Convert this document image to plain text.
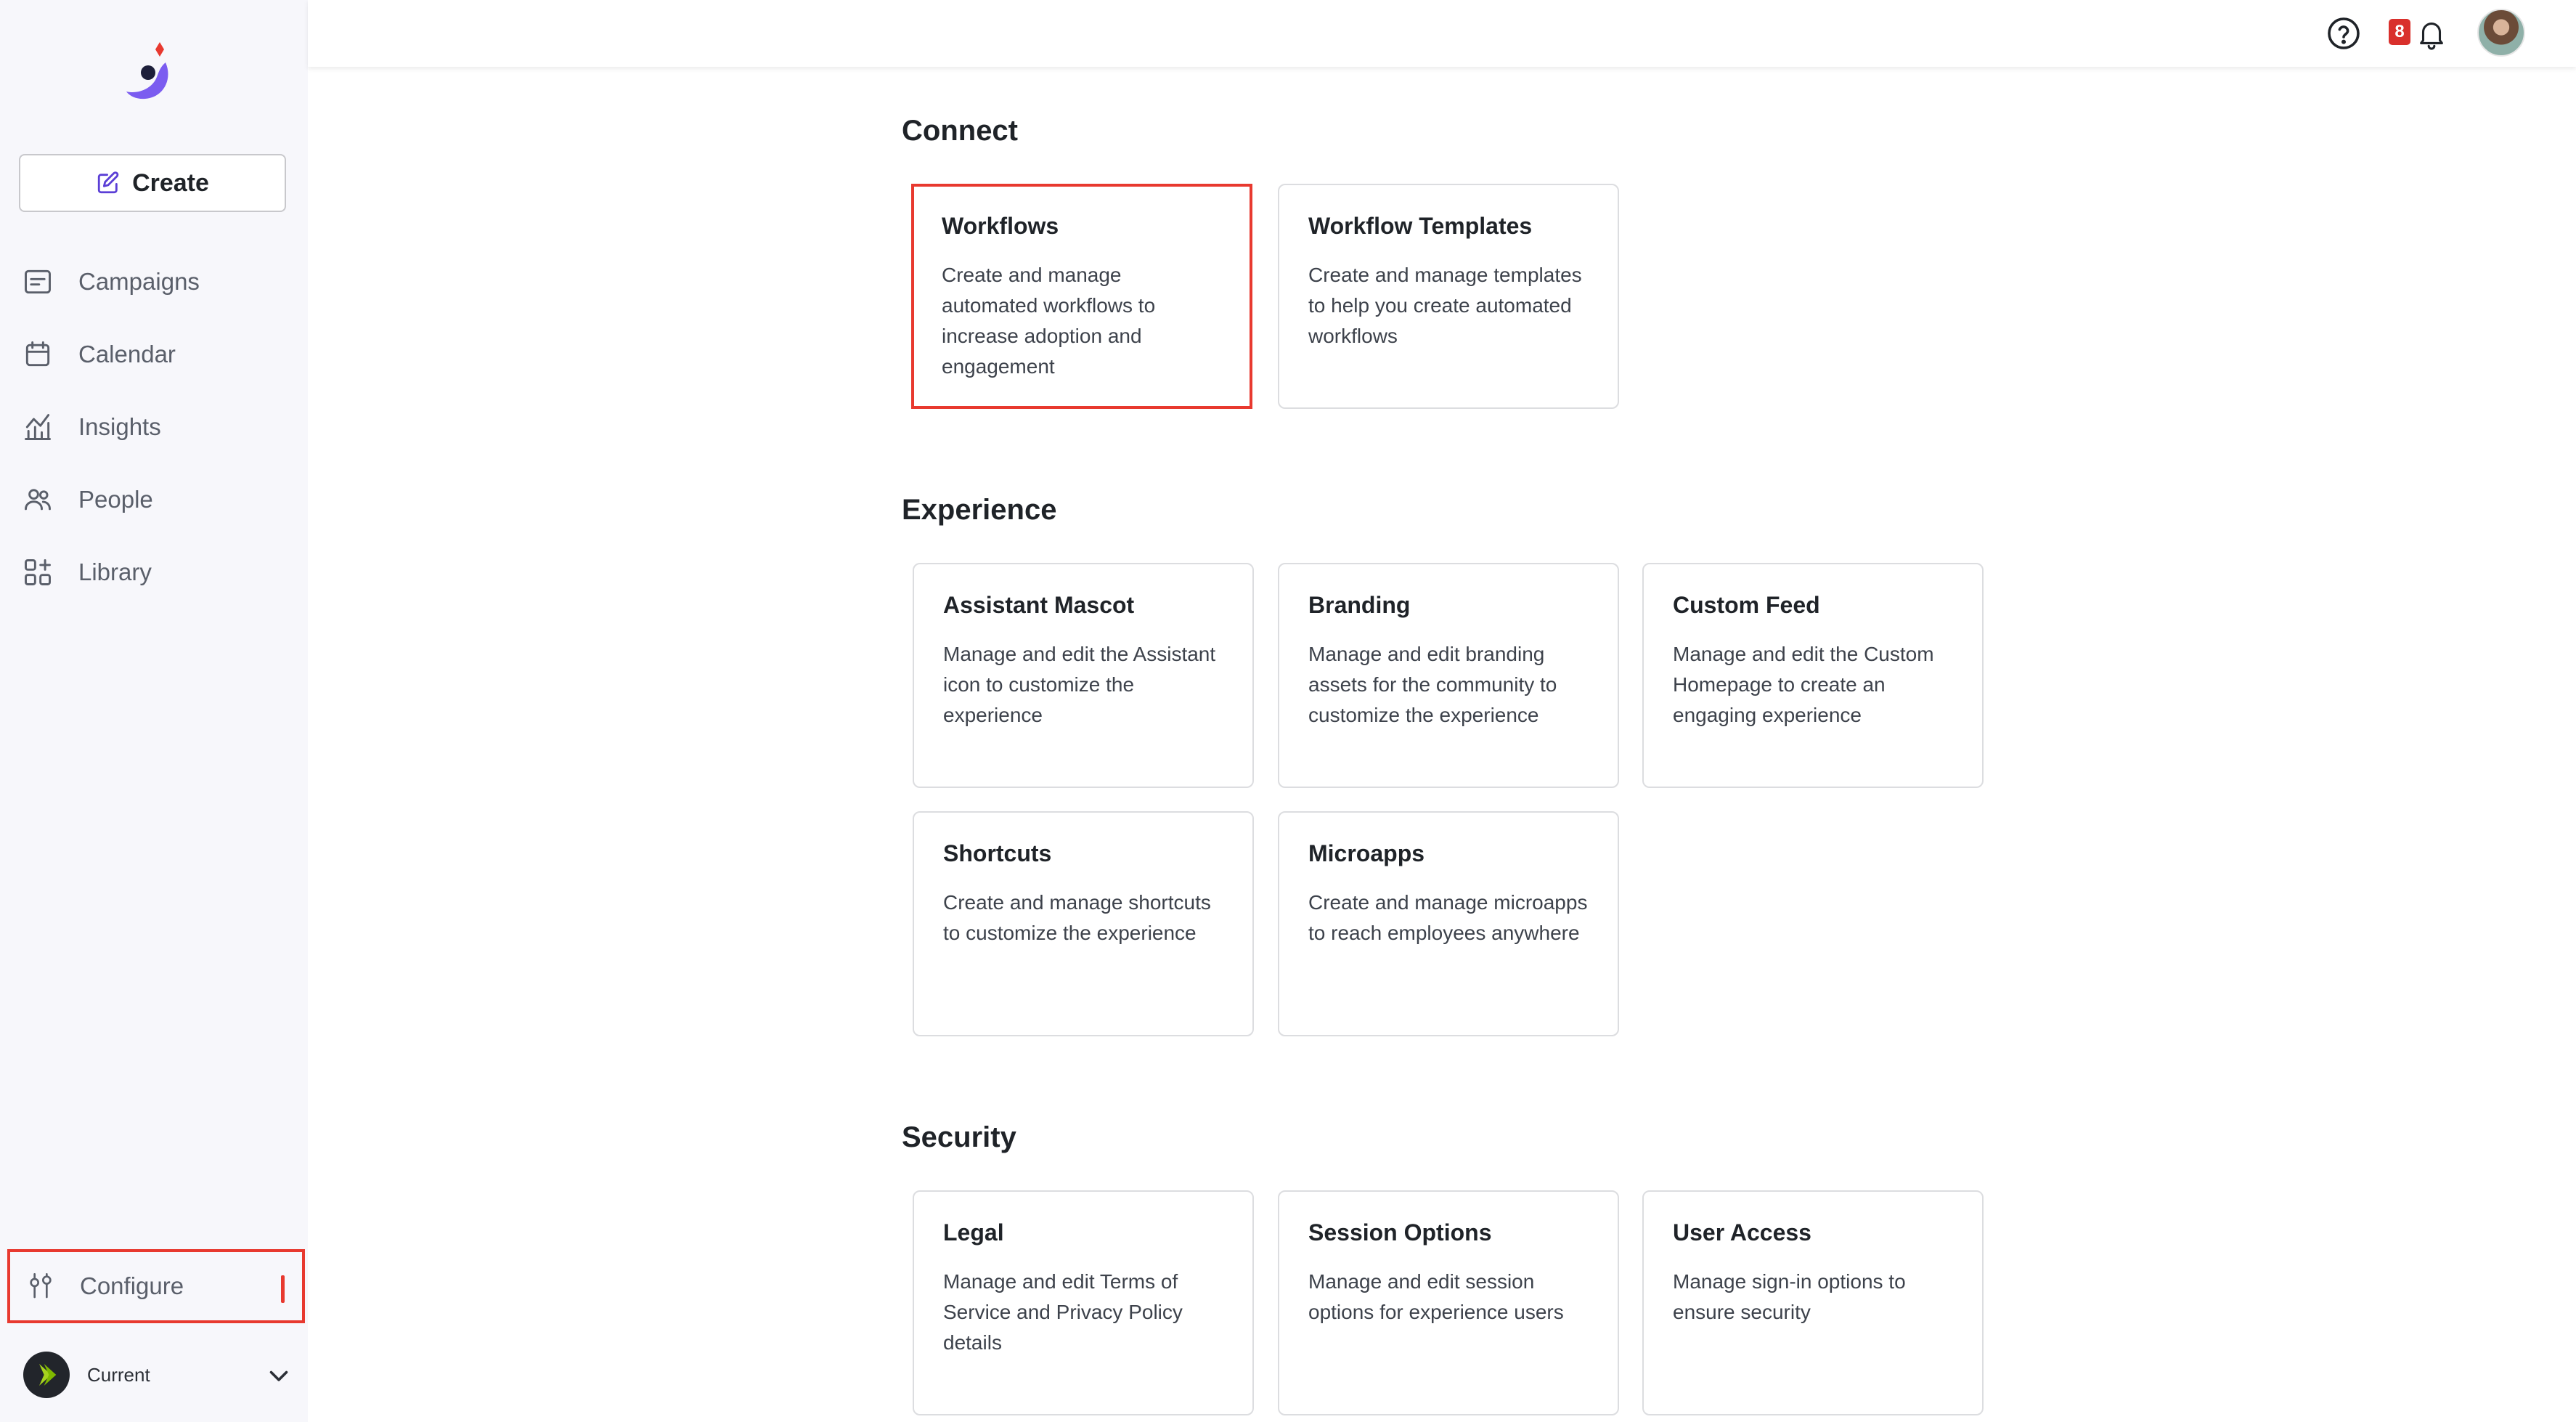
Create
Campaigns
Calendar
Insights
People
Library
Configure
Current
8
Connect
Workflows

Create and manage automated workflows to increase adoption and engagement

Workflow Templates

Create and manage templates to help you create automated workflows

Experience
Assistant Mascot

Manage and edit the Assistant icon to customize the experience

Branding

Manage and edit branding assets for the community to customize the experience

Custom Feed

Manage and edit the Custom Homepage to create an engaging experience

Shortcuts

Create and manage shortcuts to customize the experience

Microapps

Create and manage microapps to reach employees anywhere

Security
Legal

Manage and edit Terms of Service and Privacy Policy details

Session Options

Manage and edit session options for experience users

User Access

Manage sign-in options to ensure security
